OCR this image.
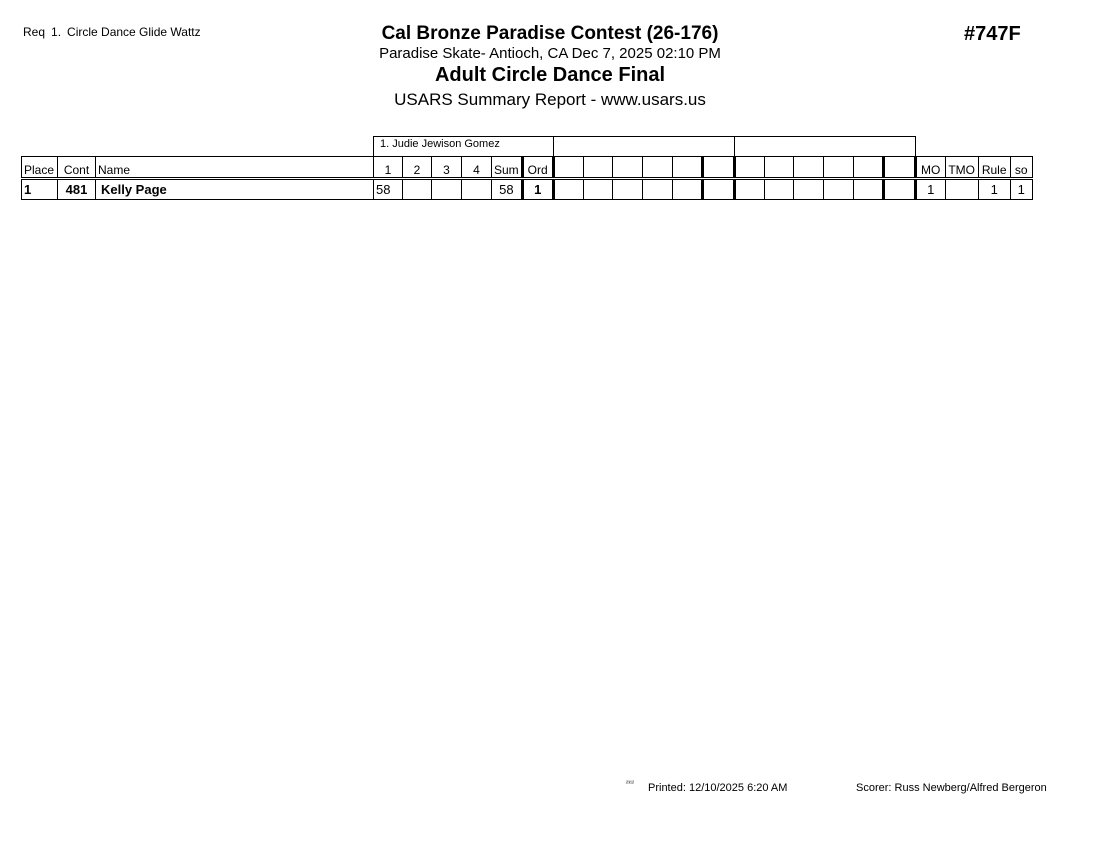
Req 1. Circle Dance Glide Wattz	Cal Bronze Paradise Contest (26-176)
Paradise Skate- Antioch, CA Dec 7, 2025 02:10 PM
Adult Circle Dance Final
USARS Summary Report - www.usars.us
#747F
1. Judie Jewison Gomez
Place	Cont	Name	1	2	3	4	Sum	Ord													MO	TMO	Rule	so
1	481	Kelly Page	58				58	1													1		1	1
²³¹² Printed: 12/10/2025 6:20 AM	Scorer: Russ Newberg/Alfred Bergeron
